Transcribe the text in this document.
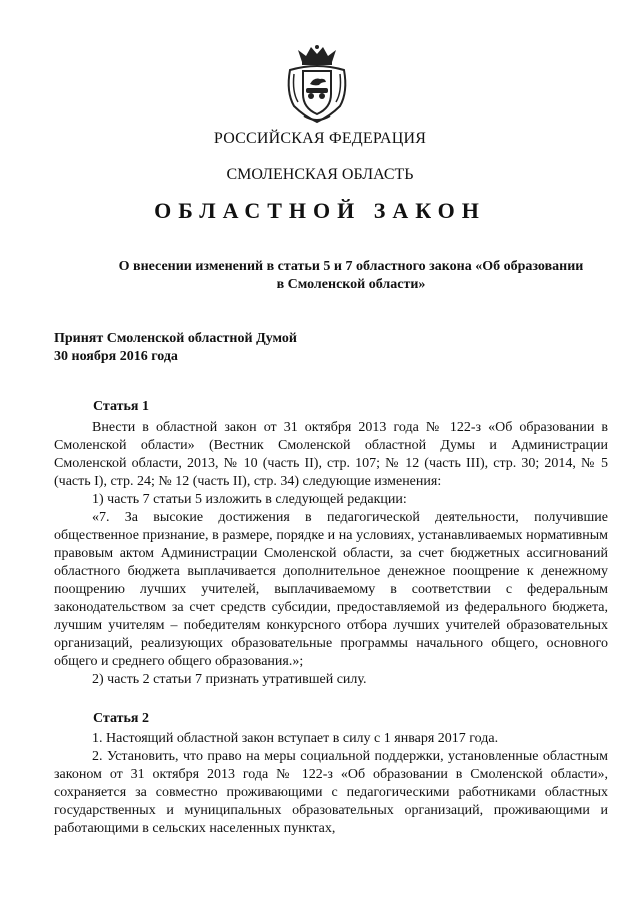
РОССИЙСКАЯ ФЕДЕРАЦИЯ
СМОЛЕНСКАЯ ОБЛАСТЬ
ОБЛАСТНОЙ ЗАКОН
О внесении изменений в статьи 5 и 7 областного закона «Об образовании
в Смоленской области»
Принят Смоленской областной Думой
30 ноября 2016 года
Статья 1

Внести в областной закон от 31 октября 2013 года № 122-з «Об образовании в Смоленской области» (Вестник Смоленской областной Думы и Администрации Смоленской области, 2013, № 10 (часть II), стр. 107; № 12 (часть III), стр. 30; 2014, № 5 (часть I), стр. 24; № 12 (часть II), стр. 34) следующие изменения:

1) часть 7 статьи 5 изложить в следующей редакции:

«7. За высокие достижения в педагогической деятельности, получившие общественное признание, в размере, порядке и на условиях, устанавливаемых нормативным правовым актом Администрации Смоленской области, за счет бюджетных ассигнований областного бюджета выплачивается дополнительное денежное поощрение к денежному поощрению лучших учителей, выплачиваемому в соответствии с федеральным законодательством за счет средств субсидии, предоставляемой из федерального бюджета, лучшим учителям – победителям конкурсного отбора лучших учителей образовательных организаций, реализующих образовательные программы начального общего, основного общего и среднего общего образования.»;

2) часть 2 статьи 7 признать утратившей силу.

Статья 2

1. Настоящий областной закон вступает в силу с 1 января 2017 года.

2. Установить, что право на меры социальной поддержки, установленные областным законом от 31 октября 2013 года № 122-з «Об образовании в Смоленской области», сохраняется за совместно проживающими с педагогическими работниками областных государственных и муниципальных образовательных организаций, проживающими и работающими в сельских населенных пунктах,
